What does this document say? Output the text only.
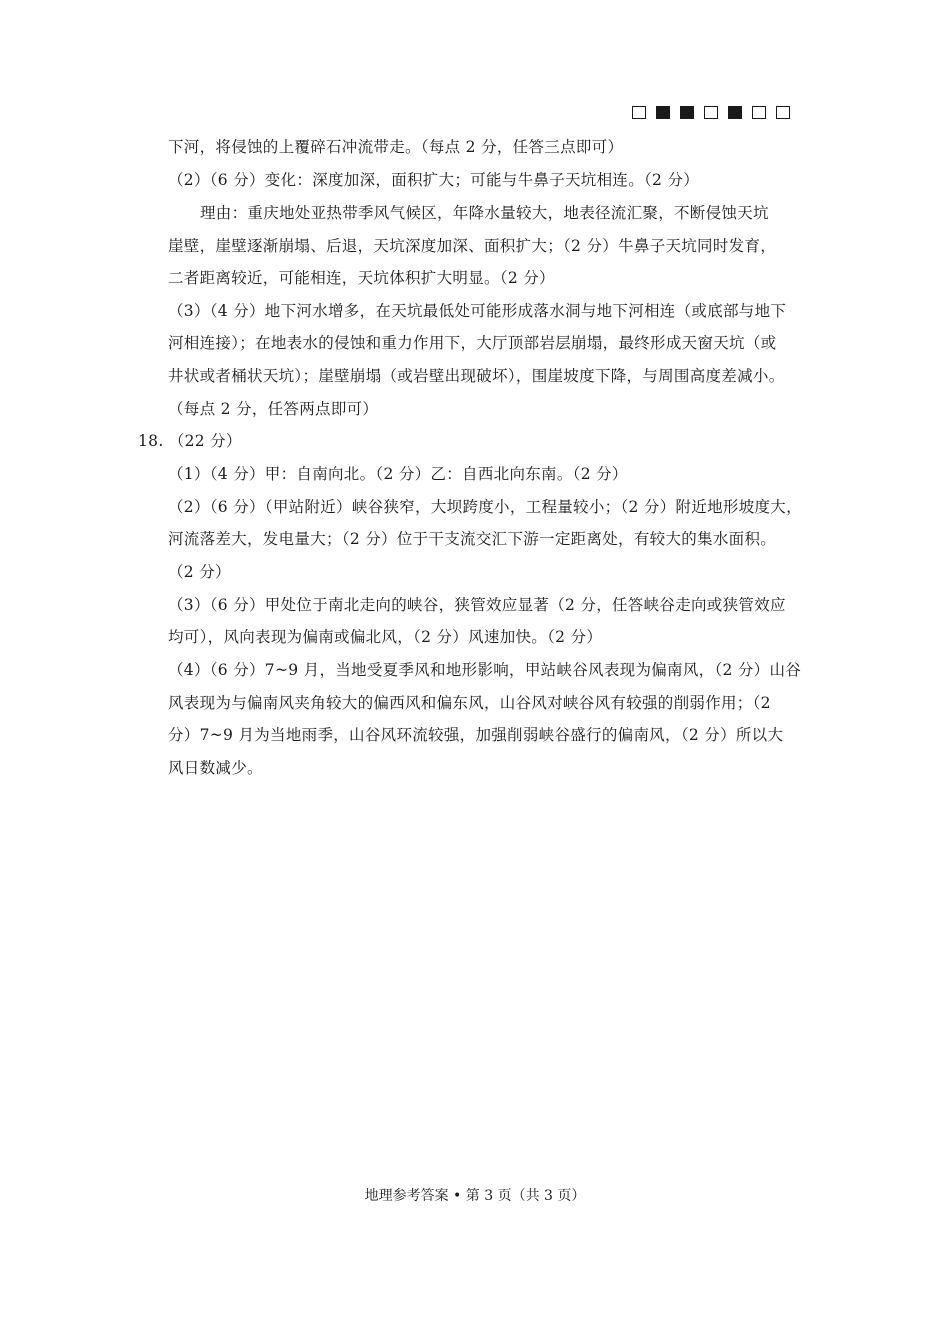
下河，将侵蚀的上覆碎石冲流带走。（每点 2 分，任答三点即可）
（2）（6 分）变化：深度加深，面积扩大；可能与牛鼻子天坑相连。（2 分）
理由：重庆地处亚热带季风气候区，年降水量较大，地表径流汇聚，不断侵蚀天坑
崖壁，崖壁逐渐崩塌、后退，天坑深度加深、面积扩大；（2 分）牛鼻子天坑同时发育，
二者距离较近，可能相连，天坑体积扩大明显。（2 分）
（3）（4 分）地下河水增多，在天坑最低处可能形成落水洞与地下河相连（或底部与地下
河相连接）；在地表水的侵蚀和重力作用下，大厅顶部岩层崩塌，最终形成天窗天坑（或
井状或者桶状天坑）；崖壁崩塌（或岩壁出现破坏），围崖坡度下降，与周围高度差减小。
（每点 2 分，任答两点即可）
18. （22 分）
（1）（4 分）甲：自南向北。（2 分）乙：自西北向东南。（2 分）
（2）（6 分）（甲站附近）峡谷狭窄，大坝跨度小，工程量较小；（2 分）附近地形坡度大，
河流落差大，发电量大；（2 分）位于干支流交汇下游一定距离处，有较大的集水面积。
（2 分）
（3）（6 分）甲处位于南北走向的峡谷，狭管效应显著（2 分，任答峡谷走向或狭管效应
均可），风向表现为偏南或偏北风，（2 分）风速加快。（2 分）
（4）（6 分）7~9 月，当地受夏季风和地形影响，甲站峡谷风表现为偏南风，（2 分）山谷
风表现为与偏南风夹角较大的偏西风和偏东风，山谷风对峡谷风有较强的削弱作用；（2
分）7~9 月为当地雨季，山谷风环流较强，加强削弱峡谷盛行的偏南风，（2 分）所以大
风日数减少。
地理参考答案 • 第 3 页（共 3 页）
